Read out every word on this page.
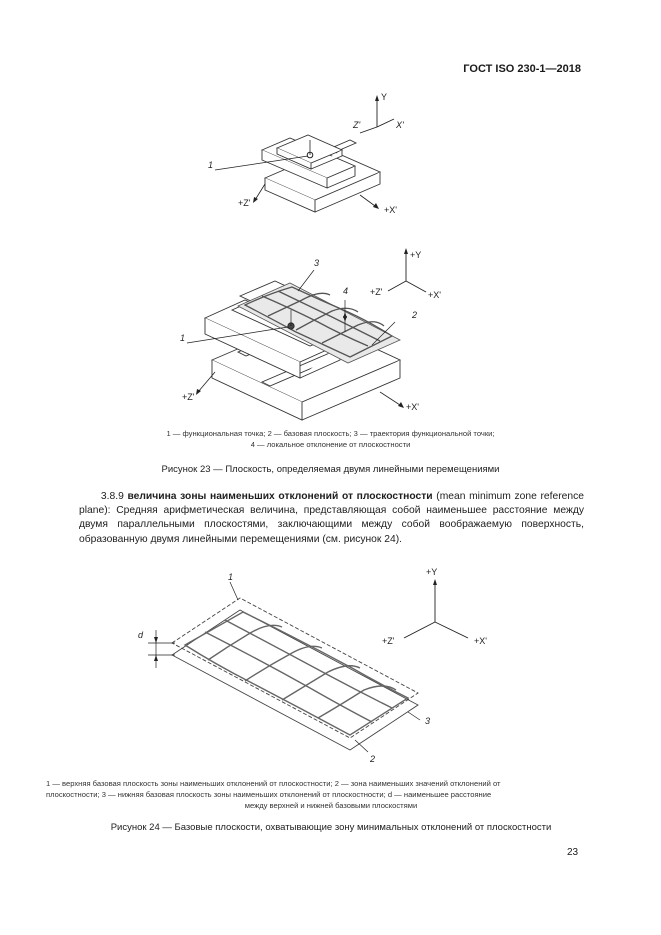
ГОСТ ISO 230-1—2018
Y
Z'	X'
1
+Z'
+X'
+Y
+Z'	+X'
1
2
3
4
+Z'
+X'
1 — функциональная точка; 2 — базовая плоскость; 3 — траектория функциональной точки;
4 — локальное отклонение от плоскостности
Рисунок 23 — Плоскость, определяемая двумя линейными перемещениями
3.8.9 величина зоны наименьших отклонений от плоскостности (mean minimum zone reference plane): Средняя арифметическая величина, представляющая собой наименьшее расстояние между двумя параллельными плоскостями, заключающими между собой воображаемую поверхность, образованную двумя линейными перемещениями (см. рисунок 24).
+Y
+Z'	+X'
1
2
3
d
1 — верхняя базовая плоскость зоны наименьших отклонений от плоскостности; 2 — зона наименьших значений отклонений от
плоскостности; 3 — нижняя базовая плоскость зоны наименьших отклонений от плоскостности; d — наименьшее расстояние
между верхней и нижней базовыми плоскостями
Рисунок 24 — Базовые плоскости, охватывающие зону минимальных отклонений от плоскостности
23
